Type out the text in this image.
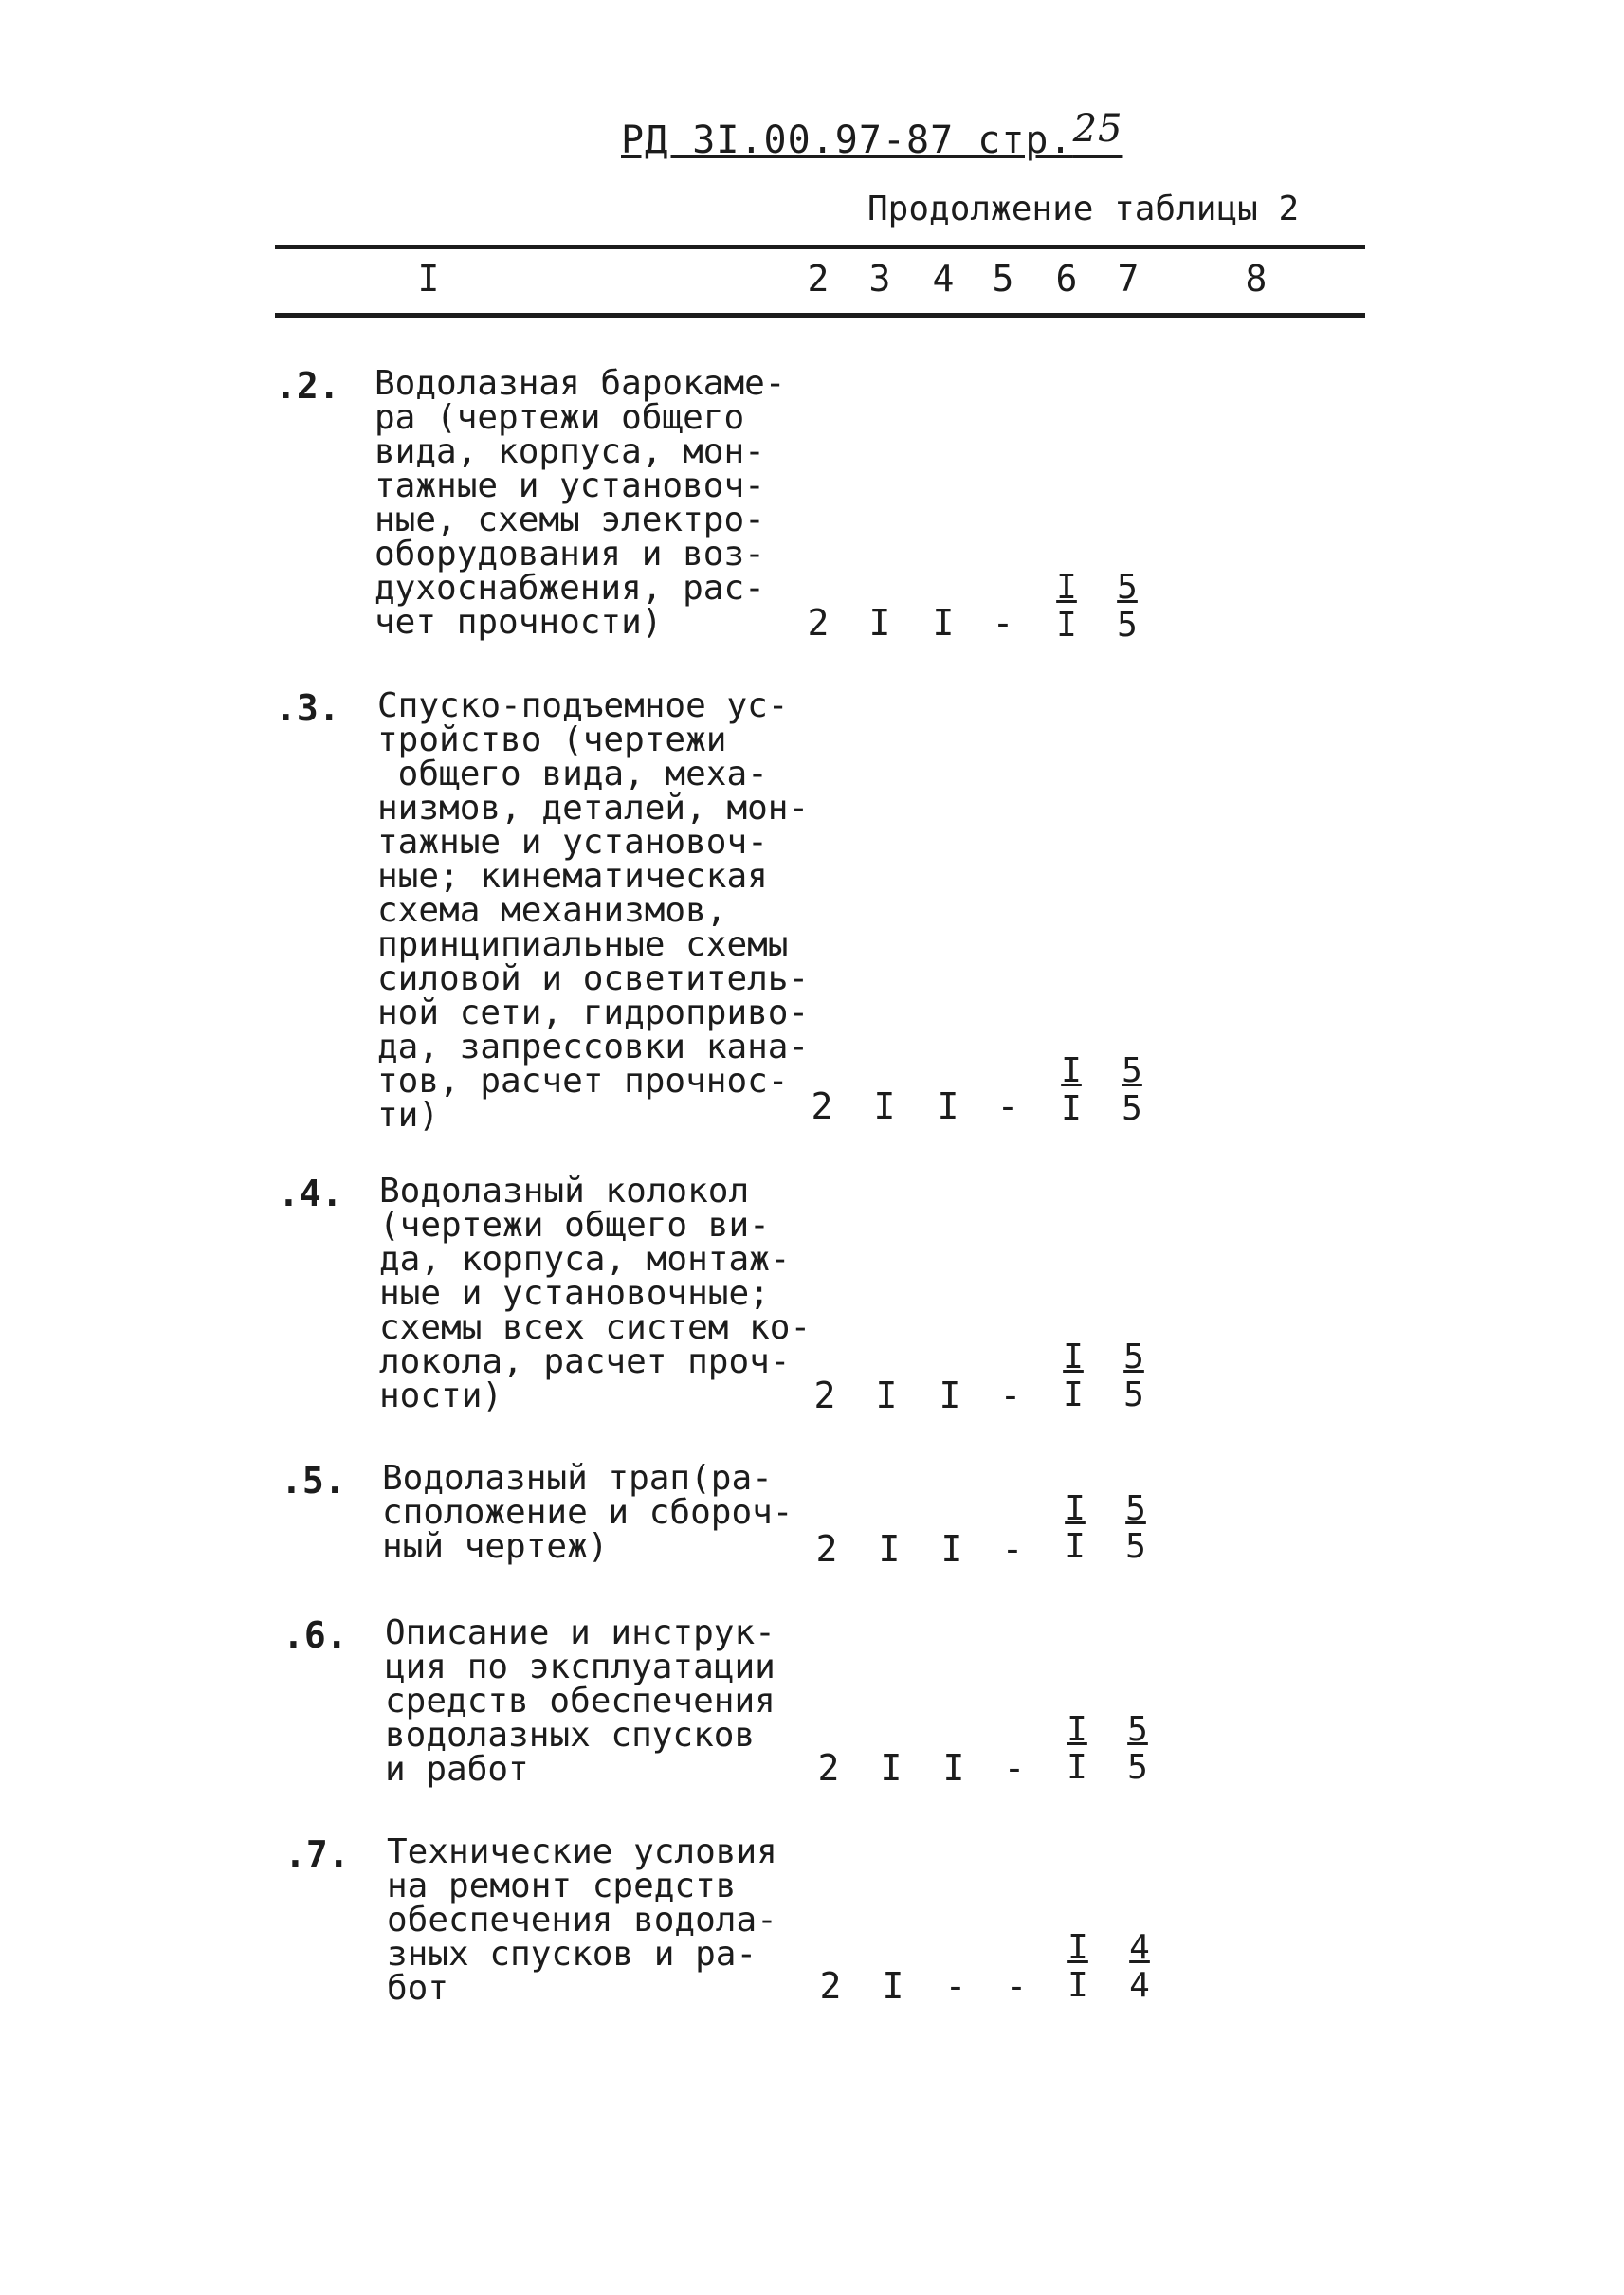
РД 3I.00.97-87 стр.25
Продолжение таблицы 2
I	2 3 4 5 6 7	8
.2. Водолазная барокаме-
ра (чертежи общего
вида, корпуса, мон-
тажные и установоч-
ные, схемы электро-
оборудования и воз-
духоснабжения, рас-
чет прочности)	2 I I - $\frac{I}{I} \frac{5}{5}$
.3. Спуско-подъемное ус-
тройство (чертежи
общего вида, меха-
низмов, деталей, мон-
тажные и установоч-
ные; кинематическая
схема механизмов,
принципиальные схемы
силовой и осветитель-
ной сети, гидроприво-
да, запрессовки кана-
тов, расчет прочнос-
ти)	2 I I - $\frac{I}{I} \frac{5}{5}$
.4. Водолазный колокол
(чертежи общего ви-
да, корпуса, монтаж-
ные и установочные;
схемы всех систем ко-
локола, расчет проч-
ности)	2 I I - $\frac{I}{I} \frac{5}{5}$
.5. Водолазный трап(ра-
сположение и сбороч-
ный чертеж)	2 I I - $\frac{I}{I} \frac{5}{5}$
.6. Описание и инструк-
ция по эксплуатации
средств обеспечения
водолазных спусков
и работ	2 I I - $\frac{I}{I} \frac{5}{5}$
.7. Технические условия
на ремонт средств
обеспечения водола-
зных спусков и ра-
бот	2 I - - $\frac{I}{I} \frac{4}{4}$
